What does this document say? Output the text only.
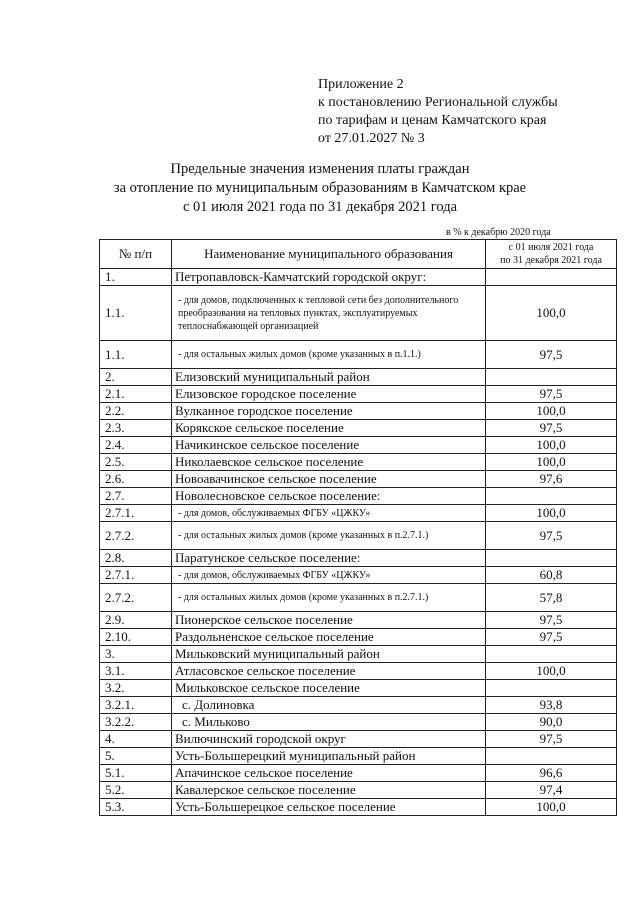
Приложение 2
к постановлению Региональной службы
по тарифам и ценам Камчатского края
от 27.01.2027 № 3
Предельные значения изменения платы граждан
за отопление по муниципальным образованиям в Камчатском крае
с 01 июля 2021 года по 31 декабря 2021 года
в % к декабрю 2020 года
№ п/п	Наименование муниципального образования	с 01 июля 2021 года
по 31 декабря 2021 года

1.	Петропавловск-Камчатский городской округ:	
1.1.	- для домов, подключенных к тепловой сети без дополнительного преобразования на тепловых пунктах, эксплуатируемых теплоснабжающей организацией	100,0
1.1.	- для остальных жилых домов (кроме указанных в п.1.1.)	97,5
2.	Елизовский муниципальный район	
2.1.	Елизовское городское поселение	97,5
2.2.	Вулканное городское поселение	100,0
2.3.	Корякское сельское поселение	97,5
2.4.	Начикинское сельское поселение	100,0
2.5.	Николаевское сельское поселение	100,0
2.6.	Новоавачинское сельское поселение	97,6
2.7.	Новолесновское сельское поселение:	
2.7.1.	- для домов, обслуживаемых ФГБУ «ЦЖКУ»	100,0
2.7.2.	- для остальных жилых домов (кроме указанных в п.2.7.1.)	97,5
2.8.	Паратунское сельское поселение:	
2.7.1.	- для домов, обслуживаемых ФГБУ «ЦЖКУ»	60,8
2.7.2.	- для остальных жилых домов (кроме указанных в п.2.7.1.)	57,8
2.9.	Пионерское сельское поселение	97,5
2.10.	Раздольненское сельское поселение	97,5
3.	Мильковский муниципальный район	
3.1.	Атласовское сельское поселение	100,0
3.2.	Мильковское сельское поселение	
3.2.1.	с. Долиновка	93,8
3.2.2.	с. Мильково	90,0
4.	Вилючинский городской округ	97,5
5.	Усть-Большерецкий муниципальный район	
5.1.	Апачинское сельское поселение	96,6
5.2.	Кавалерское сельское поселение	97,4
5.3.	Усть-Большерецкое сельское поселение	100,0
